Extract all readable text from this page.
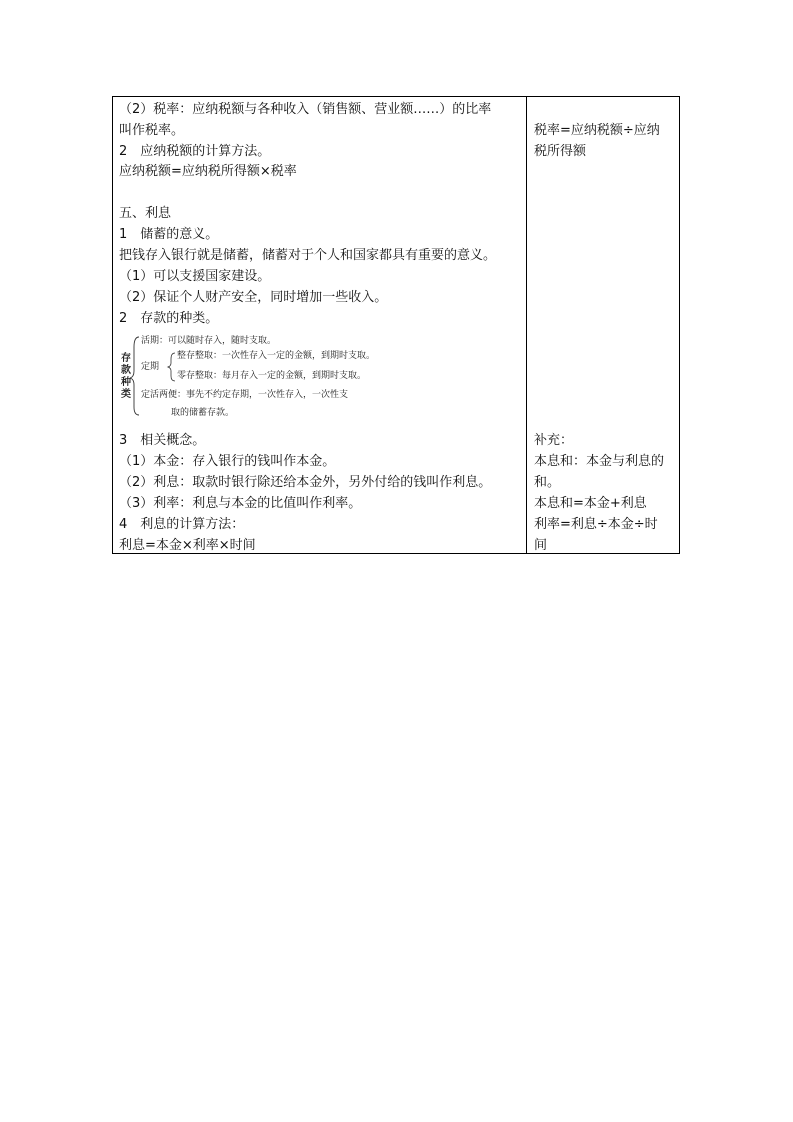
（2）税率：应纳税额与各种收入（销售额、营业额……）的比率
叫作税率。
2　应纳税额的计算方法。
应纳税额=应纳税所得额×税率
五、利息
1　储蓄的意义。
把钱存入银行就是储蓄，储蓄对于个人和国家都具有重要的意义。
（1）可以支援国家建设。
（2）保证个人财产安全，同时增加一些收入。
2　存款的种类。
存
款
种
类
活期：可以随时存入，随时支取。
定期
整存整取：一次性存入一定的金额，到期时支取。
零存整取：每月存入一定的金额，到期时支取。
定活两便：事先不约定存期，一次性存入，一次性支
取的储蓄存款。
3　相关概念。
（1）本金：存入银行的钱叫作本金。
（2）利息：取款时银行除还给本金外，另外付给的钱叫作利息。
（3）利率：利息与本金的比值叫作利率。
4　利息的计算方法：
利息=本金×利率×时间
税率=应纳税额÷应纳
税所得额
补充：
本息和：本金与利息的
和。
本息和=本金+利息
利率=利息÷本金÷时
间
